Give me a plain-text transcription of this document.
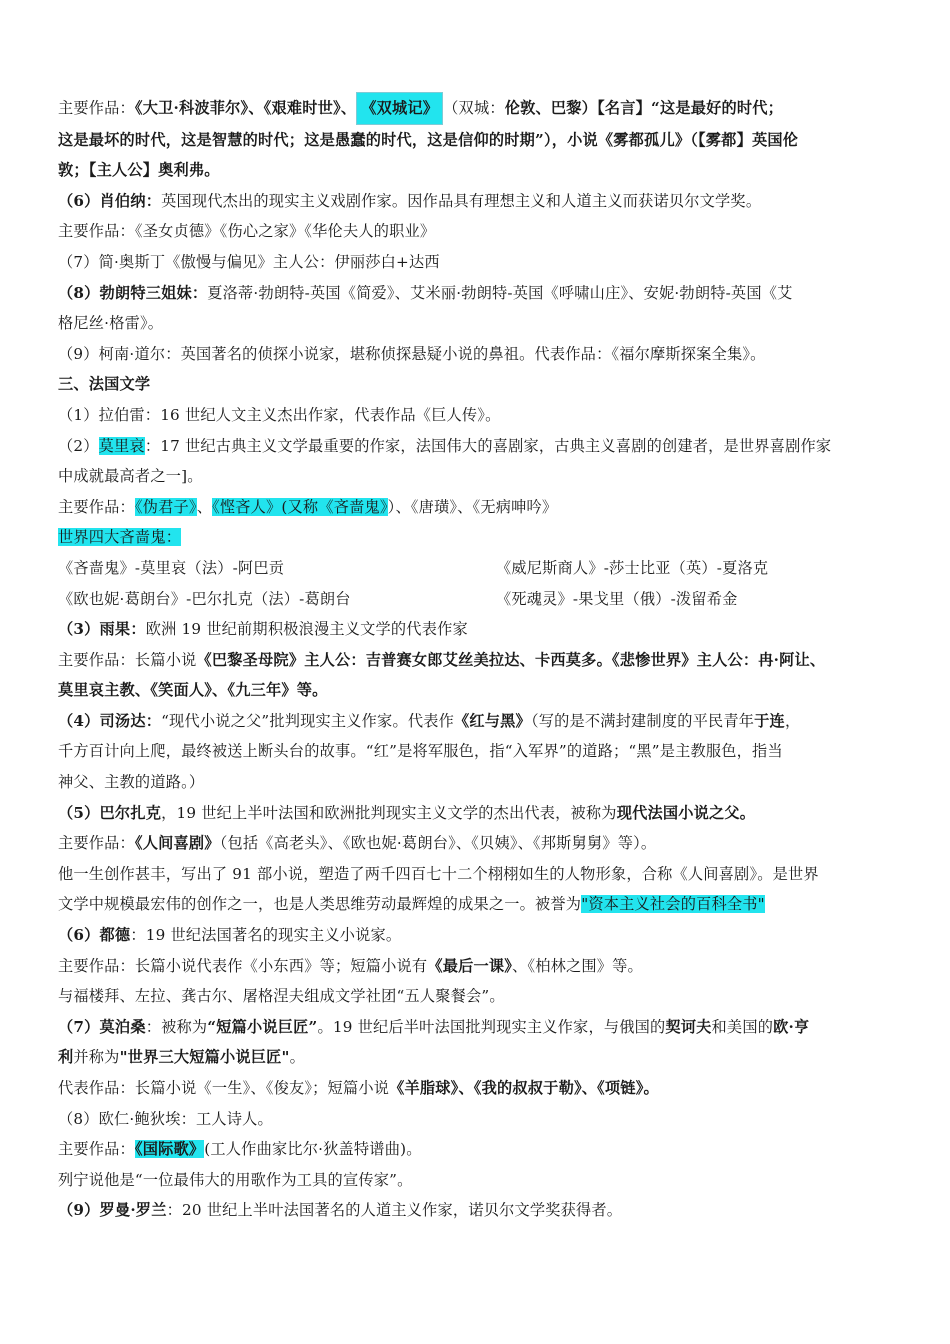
主要作品：《大卫·科波菲尔》、《艰难时世》、 《双城记》 （双城：伦敦、巴黎）【名言】“这是最好的时代；
这是最坏的时代，这是智慧的时代；这是愚蠢的时代，这是信仰的时期”），小说《雾都孤儿》（【雾都】英国伦
敦；【主人公】奥利弗。
（6）肖伯纳：英国现代杰出的现实主义戏剧作家。因作品具有理想主义和人道主义而获诺贝尔文学奖。
主要作品：《圣女贞德》《伤心之家》《华伦夫人的职业》
（7）简·奥斯丁《傲慢与偏见》主人公：伊丽莎白+达西
（8）勃朗特三姐妹：夏洛蒂·勃朗特-英国《简爱》、艾米丽·勃朗特-英国《呼啸山庄》、安妮·勃朗特-英国《艾
格尼丝·格雷》。
（9）柯南·道尔：英国著名的侦探小说家，堪称侦探悬疑小说的鼻祖。代表作品：《福尔摩斯探案全集》。
三、法国文学
（1）拉伯雷：16 世纪人文主义杰出作家，代表作品《巨人传》。
（2）莫里哀：17 世纪古典主义文学最重要的作家，法国伟大的喜剧家，古典主义喜剧的创建者，是世界喜剧作家
中成就最高者之一]。
主要作品：《伪君子》、《悭吝人》(又称《吝啬鬼》）、《唐璜》、《无病呻吟》
世界四大吝啬鬼：
《吝啬鬼》-莫里哀（法）-阿巴贡	《威尼斯商人》-莎士比亚（英）-夏洛克
《欧也妮·葛朗台》-巴尔扎克（法）-葛朗台	《死魂灵》-果戈里（俄）-泼留希金
（3）雨果：欧洲 19 世纪前期积极浪漫主义文学的代表作家
主要作品：长篇小说《巴黎圣母院》主人公：吉普赛女郎艾丝美拉达、卡西莫多。《悲惨世界》主人公：冉·阿让、
莫里哀主教、《笑面人》、《九三年》等。
（4）司汤达：“现代小说之父”批判现实主义作家。代表作《红与黑》（写的是不满封建制度的平民青年于连，
千方百计向上爬，最终被送上断头台的故事。“红”是将军服色，指“入军界”的道路；“黑”是主教服色，指当
神父、主教的道路。）
（5）巴尔扎克，19 世纪上半叶法国和欧洲批判现实主义文学的杰出代表，被称为现代法国小说之父。
主要作品：《人间喜剧》（包括《高老头》、《欧也妮·葛朗台》、《贝姨》、《邦斯舅舅》等）。
他一生创作甚丰，写出了 91 部小说，塑造了两千四百七十二个栩栩如生的人物形象，合称《人间喜剧》。是世界
文学中规模最宏伟的创作之一，也是人类思维劳动最辉煌的成果之一。被誉为"资本主义社会的百科全书"
（6）都德：19 世纪法国著名的现实主义小说家。
主要作品：长篇小说代表作《小东西》等；短篇小说有《最后一课》、《柏林之围》等。
与福楼拜、左拉、龚古尔、屠格涅夫组成文学社团“五人聚餐会”。
（7）莫泊桑：被称为“短篇小说巨匠”。19 世纪后半叶法国批判现实主义作家，与俄国的契诃夫和美国的欧·亨
利并称为"世界三大短篇小说巨匠"。
代表作品：长篇小说《一生》、《俊友》；短篇小说《羊脂球》、《我的叔叔于勒》、《项链》。
（8）欧仁·鲍狄埃：工人诗人。
主要作品：《国际歌》(工人作曲家比尔·狄盖特谱曲)。
列宁说他是“一位最伟大的用歌作为工具的宣传家”。
（9）罗曼·罗兰：20 世纪上半叶法国著名的人道主义作家，诺贝尔文学奖获得者。
